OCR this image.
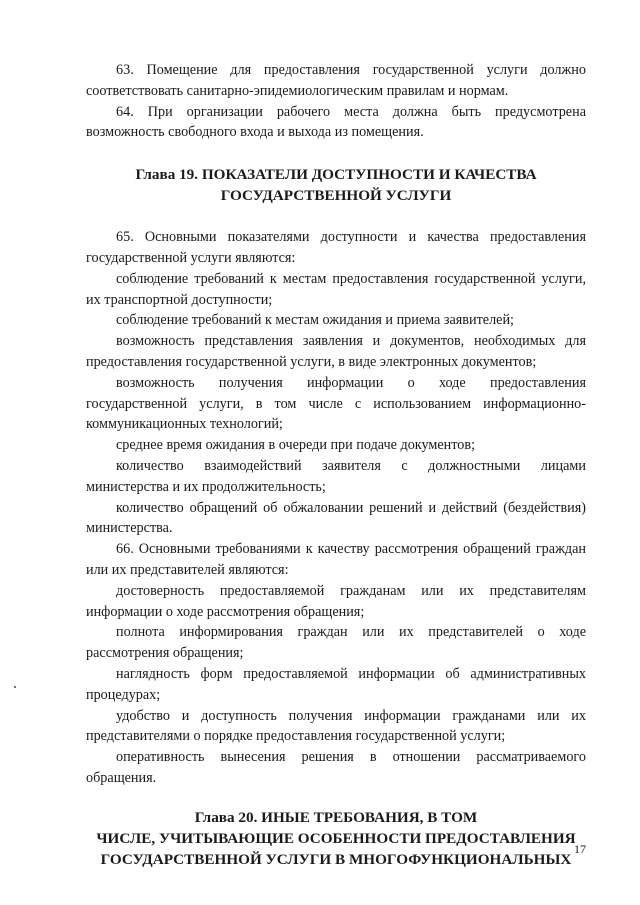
63. Помещение для предоставления государственной услуги должно соответствовать санитарно-эпидемиологическим правилам и нормам.

64. При организации рабочего места должна быть предусмотрена возможность свободного входа и выхода из помещения.

Глава 19. ПОКАЗАТЕЛИ ДОСТУПНОСТИ И КАЧЕСТВА
ГОСУДАРСТВЕННОЙ УСЛУГИ

65. Основными показателями доступности и качества предоставления государственной услуги являются:

соблюдение требований к местам предоставления государственной услуги, их транспортной доступности;

соблюдение требований к местам ожидания и приема заявителей;

возможность представления заявления и документов, необходимых для предоставления государственной услуги, в виде электронных документов;

возможность получения информации о ходе предоставления государственной услуги, в том числе с использованием информационно-коммуникационных технологий;

среднее время ожидания в очереди при подаче документов;

количество взаимодействий заявителя с должностными лицами министерства и их продолжительность;

количество обращений об обжаловании решений и действий (бездействия) министерства.

66. Основными требованиями к качеству рассмотрения обращений граждан или их представителей являются:

достоверность предоставляемой гражданам или их представителям информации о ходе рассмотрения обращения;

полнота информирования граждан или их представителей о ходе рассмотрения обращения;

наглядность форм предоставляемой информации об административных процедурах;

удобство и доступность получения информации гражданами или их представителями о порядке предоставления государственной услуги;

оперативность вынесения решения в отношении рассматриваемого обращения.

Глава 20. ИНЫЕ ТРЕБОВАНИЯ, В ТОМ
ЧИСЛЕ, УЧИТЫВАЮЩИЕ ОСОБЕННОСТИ ПРЕДОСТАВЛЕНИЯ
ГОСУДАРСТВЕННОЙ УСЛУГИ В МНОГОФУНКЦИОНАЛЬНЫХ
17
